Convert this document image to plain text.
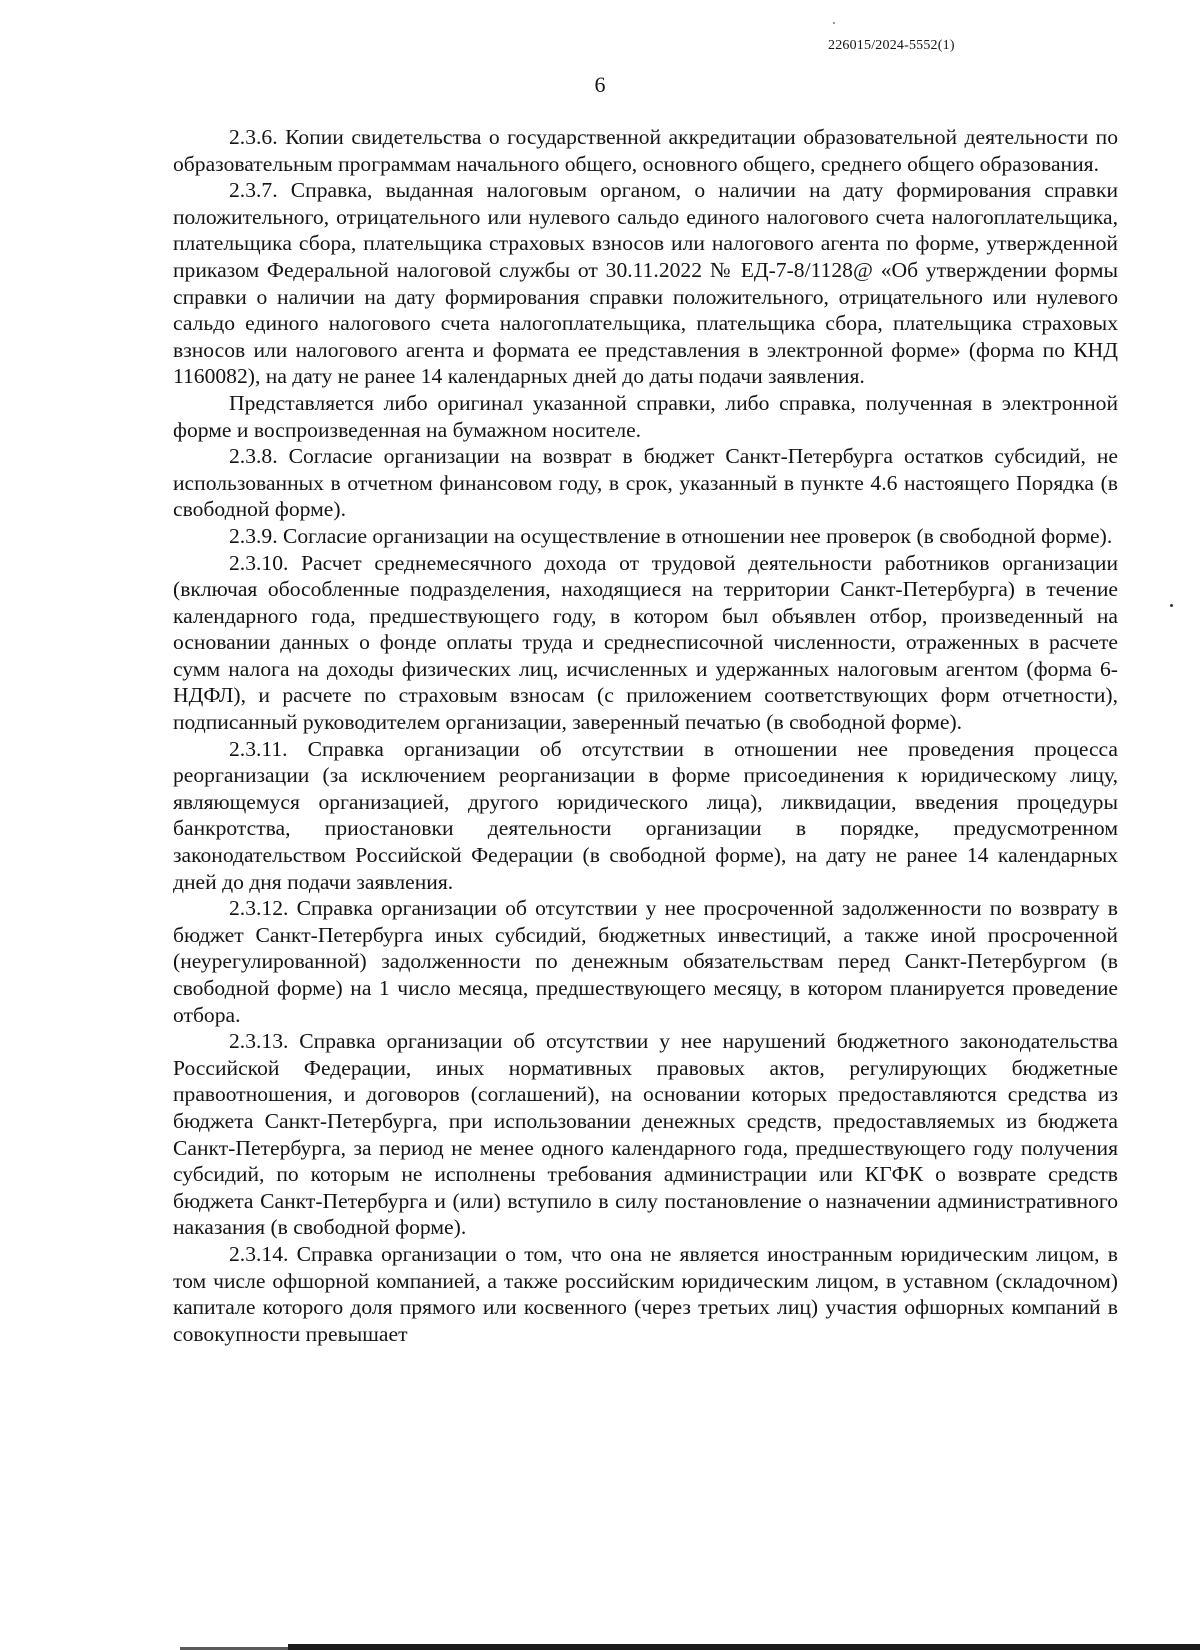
226015/2024-5552(1)
6

2.3.6. Копии свидетельства о государственной аккредитации образовательной деятельности по образовательным программам начального общего, основного общего, среднего общего образования.

2.3.7. Справка, выданная налоговым органом, о наличии на дату формирования справки положительного, отрицательного или нулевого сальдо единого налогового счета налогоплательщика, плательщика сбора, плательщика страховых взносов или налогового агента по форме, утвержденной приказом Федеральной налоговой службы от 30.11.2022 № ЕД-7-8/1128@ «Об утверждении формы справки о наличии на дату формирования справки положительного, отрицательного или нулевого сальдо единого налогового счета налогоплательщика, плательщика сбора, плательщика страховых взносов или налогового агента и формата ее представления в электронной форме» (форма по КНД 1160082), на дату не ранее 14 календарных дней до даты подачи заявления.

Представляется либо оригинал указанной справки, либо справка, полученная в электронной форме и воспроизведенная на бумажном носителе.

2.3.8. Согласие организации на возврат в бюджет Санкт-Петербурга остатков субсидий, не использованных в отчетном финансовом году, в срок, указанный в пункте 4.6 настоящего Порядка (в свободной форме).

2.3.9. Согласие организации на осуществление в отношении нее проверок (в свободной форме).

2.3.10. Расчет среднемесячного дохода от трудовой деятельности работников организации (включая обособленные подразделения, находящиеся на территории Санкт-Петербурга) в течение календарного года, предшествующего году, в котором был объявлен отбор, произведенный на основании данных о фонде оплаты труда и среднесписочной численности, отраженных в расчете сумм налога на доходы физических лиц, исчисленных и удержанных налоговым агентом (форма 6-НДФЛ), и расчете по страховым взносам (с приложением соответствующих форм отчетности), подписанный руководителем организации, заверенный печатью (в свободной форме).

2.3.11. Справка организации об отсутствии в отношении нее проведения процесса реорганизации (за исключением реорганизации в форме присоединения к юридическому лицу, являющемуся организацией, другого юридического лица), ликвидации, введения процедуры банкротства, приостановки деятельности организации в порядке, предусмотренном законодательством Российской Федерации (в свободной форме), на дату не ранее 14 календарных дней до дня подачи заявления.

2.3.12. Справка организации об отсутствии у нее просроченной задолженности по возврату в бюджет Санкт-Петербурга иных субсидий, бюджетных инвестиций, а также иной просроченной (неурегулированной) задолженности по денежным обязательствам перед Санкт-Петербургом (в свободной форме) на 1 число месяца, предшествующего месяцу, в котором планируется проведение отбора.

2.3.13. Справка организации об отсутствии у нее нарушений бюджетного законодательства Российской Федерации, иных нормативных правовых актов, регулирующих бюджетные правоотношения, и договоров (соглашений), на основании которых предоставляются средства из бюджета Санкт-Петербурга, при использовании денежных средств, предоставляемых из бюджета Санкт-Петербурга, за период не менее одного календарного года, предшествующего году получения субсидий, по которым не исполнены требования администрации или КГФК о возврате средств бюджета Санкт-Петербурга и (или) вступило в силу постановление о назначении административного наказания (в свободной форме).

2.3.14. Справка организации о том, что она не является иностранным юридическим лицом, в том числе офшорной компанией, а также российским юридическим лицом, в уставном (складочном) капитале которого доля прямого или косвенного (через третьих лиц) участия офшорных компаний в совокупности превышает
